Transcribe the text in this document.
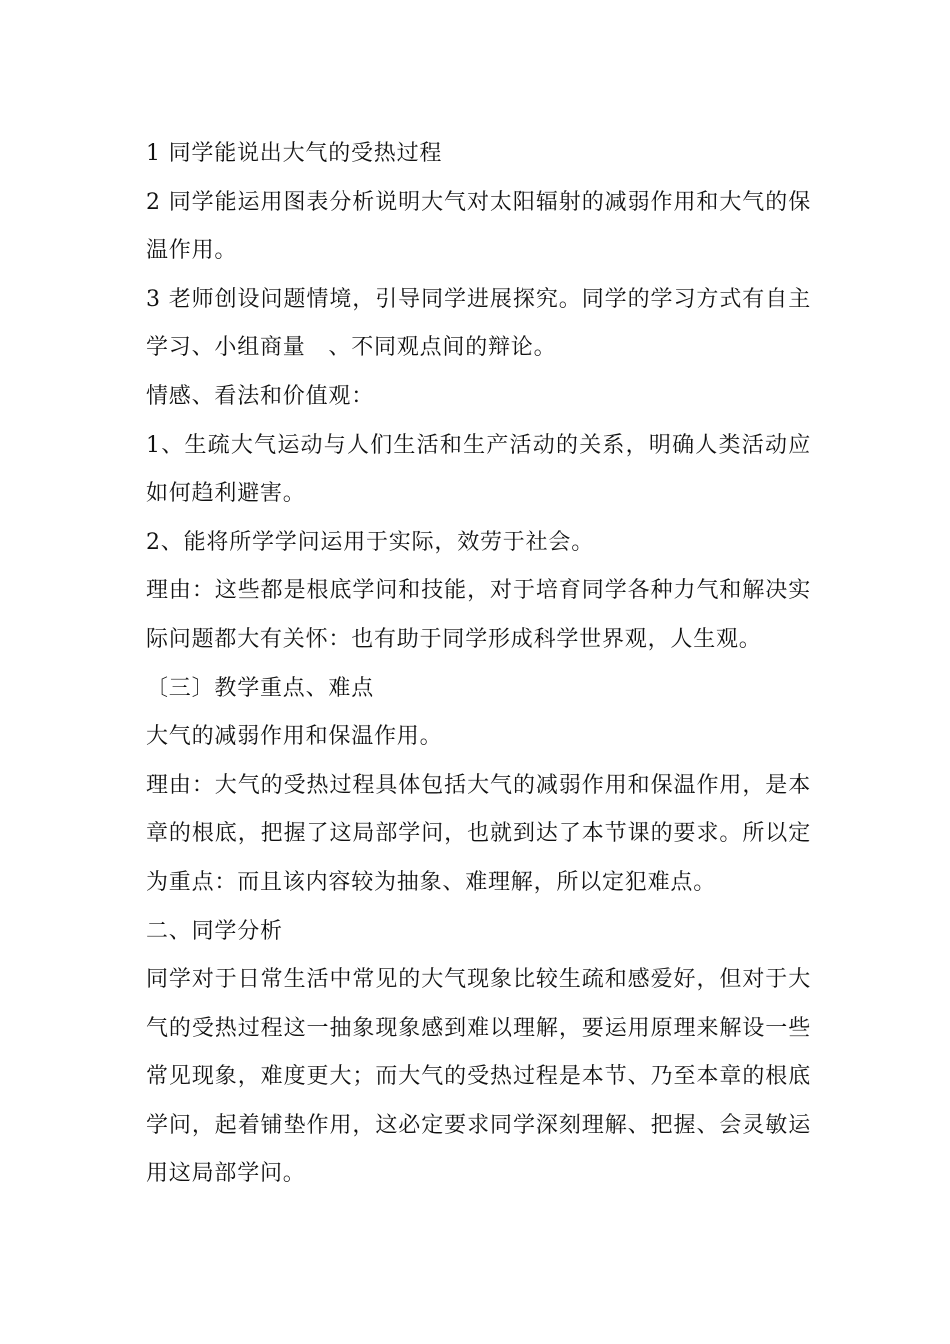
1 同学能说出大气的受热过程

2 同学能运用图表分析说明大气对太阳辐射的减弱作用和大气的保温作用。

3 老师创设问题情境，引导同学进展探究。同学的学习方式有自主学习、小组商量　、不同观点间的辩论。

情感、看法和价值观：

1、生疏大气运动与人们生活和生产活动的关系，明确人类活动应如何趋利避害。

2、能将所学学问运用于实际，效劳于社会。

理由：这些都是根底学问和技能，对于培育同学各种力气和解决实际问题都大有关怀：也有助于同学形成科学世界观，人生观。

〔三〕教学重点、难点

大气的减弱作用和保温作用。

理由：大气的受热过程具体包括大气的减弱作用和保温作用，是本章的根底，把握了这局部学问，也就到达了本节课的要求。所以定为重点：而且该内容较为抽象、难理解，所以定犯难点。

二、同学分析

同学对于日常生活中常见的大气现象比较生疏和感爱好，但对于大气的受热过程这一抽象现象感到难以理解，要运用原理来解设一些常见现象，难度更大；而大气的受热过程是本节、乃至本章的根底学问，起着铺垫作用，这必定要求同学深刻理解、把握、会灵敏运用这局部学问。
